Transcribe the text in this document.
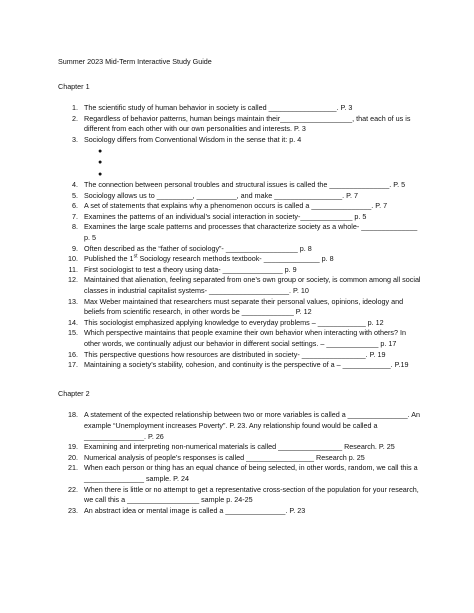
Summer 2023 Mid-Term Interactive Study Guide

Chapter 1

1. The scientific study of human behavior in society is called _________________. P. 3
2. Regardless of behavior patterns, human beings maintain their__________________, that each of us is different from each other with our own personalities and interests. P. 3
3. Sociology differs from Conventional Wisdom in the sense that it: p. 4
●
●
●
4. The connection between personal troubles and structural issues is called the _______________. P. 5
5. Sociology allows us to _________, __________, and make _________________. P. 7
6. A set of statements that explains why a phenomenon occurs is called a _______________. P. 7
7. Examines the patterns of an individual’s social interaction in society-_____________ p. 5
8. Examines the large scale patterns and processes that characterize society as a whole- ______________ p. 5
9. Often described as the “father of sociology”- __________________ p. 8
10. Published the 1st Sociology research methods textbook- ______________ p. 8
11. First sociologist to test a theory using data- _______________ p. 9
12. Maintained that alienation, feeling separated from one’s own group or society, is common among all social classes in industrial capitalist systems- ____________________. P. 10
13. Max Weber maintained that researchers must separate their personal values, opinions, ideology and beliefs from scientific research, in other words be _____________ P. 12
14. This sociologist emphasized applying knowledge to everyday problems – ____________ p. 12
15. Which perspective maintains that people examine their own behavior when interacting with others? In other words, we continually adjust our behavior in different social settings. – _____________ p. 17
16. This perspective questions how resources are distributed in society- ________________. P. 19
17. Maintaining a society’s stability, cohesion, and continuity is the perspective of a – ____________. P.19

Chapter 2

18. A statement of the expected relationship between two or more variables is called a _______________. An example “Unemployment increases Poverty”. P. 23. Any relationship found would be called a _______________. P. 26
19. Examining and interpreting non-numerical materials is called ________________ Research. P. 25
20. Numerical analysis of people’s responses is called _________________ Research p. 25
21. When each person or thing has an equal chance of being selected, in other words, random, we call this a _______________ sample. P. 24
22. When there is little or no attempt to get a representative cross-section of the population for your research, we call this a __________________ sample p. 24-25
23. An abstract idea or mental image is called a _______________. P. 23
